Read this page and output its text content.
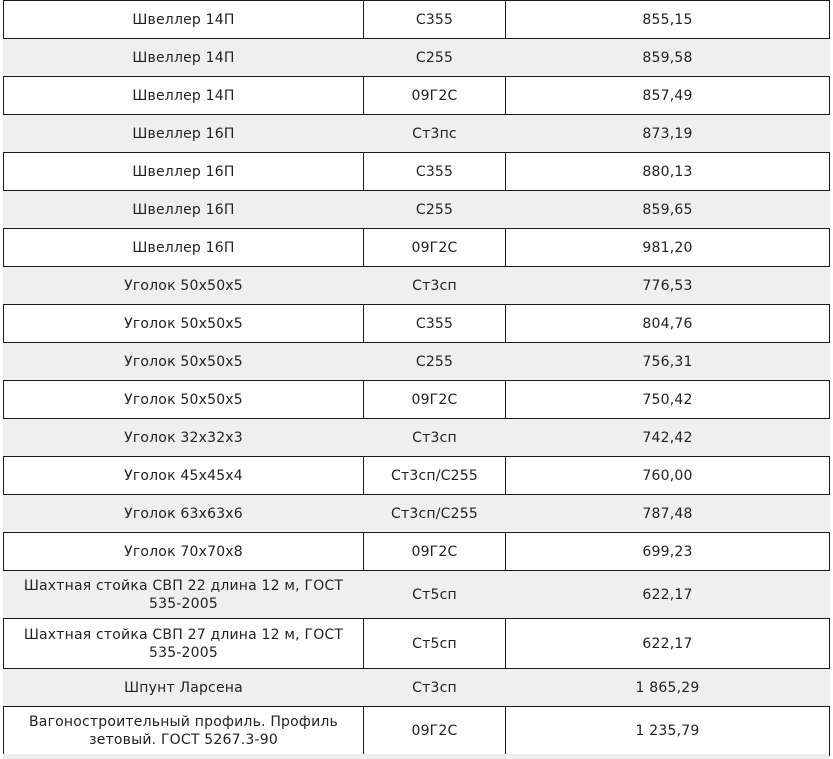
Швеллер 14П	С355	855,15
Швеллер 14П	С255	859,58
Швеллер 14П	09Г2С	857,49
Швеллер 16П	Ст3пс	873,19
Швеллер 16П	С355	880,13
Швеллер 16П	С255	859,65
Швеллер 16П	09Г2С	981,20
Уголок 50х50х5	Ст3сп	776,53
Уголок 50х50х5	С355	804,76
Уголок 50х50х5	С255	756,31
Уголок 50х50х5	09Г2С	750,42
Уголок 32х32х3	Ст3сп	742,42
Уголок 45х45х4	Ст3сп/С255	760,00
Уголок 63х63х6	Ст3сп/С255	787,48
Уголок 70х70х8	09Г2С	699,23
Шахтная стойка СВП 22 длина 12 м, ГОСТ 535-2005	Ст5сп	622,17
Шахтная стойка СВП 27 длина 12 м, ГОСТ 535-2005	Ст5сп	622,17
Шпунт Ларсена	Ст3сп	1 865,29
Вагоностроительный профиль. Профиль зетовый. ГОСТ 5267.3-90	09Г2С	1 235,79
